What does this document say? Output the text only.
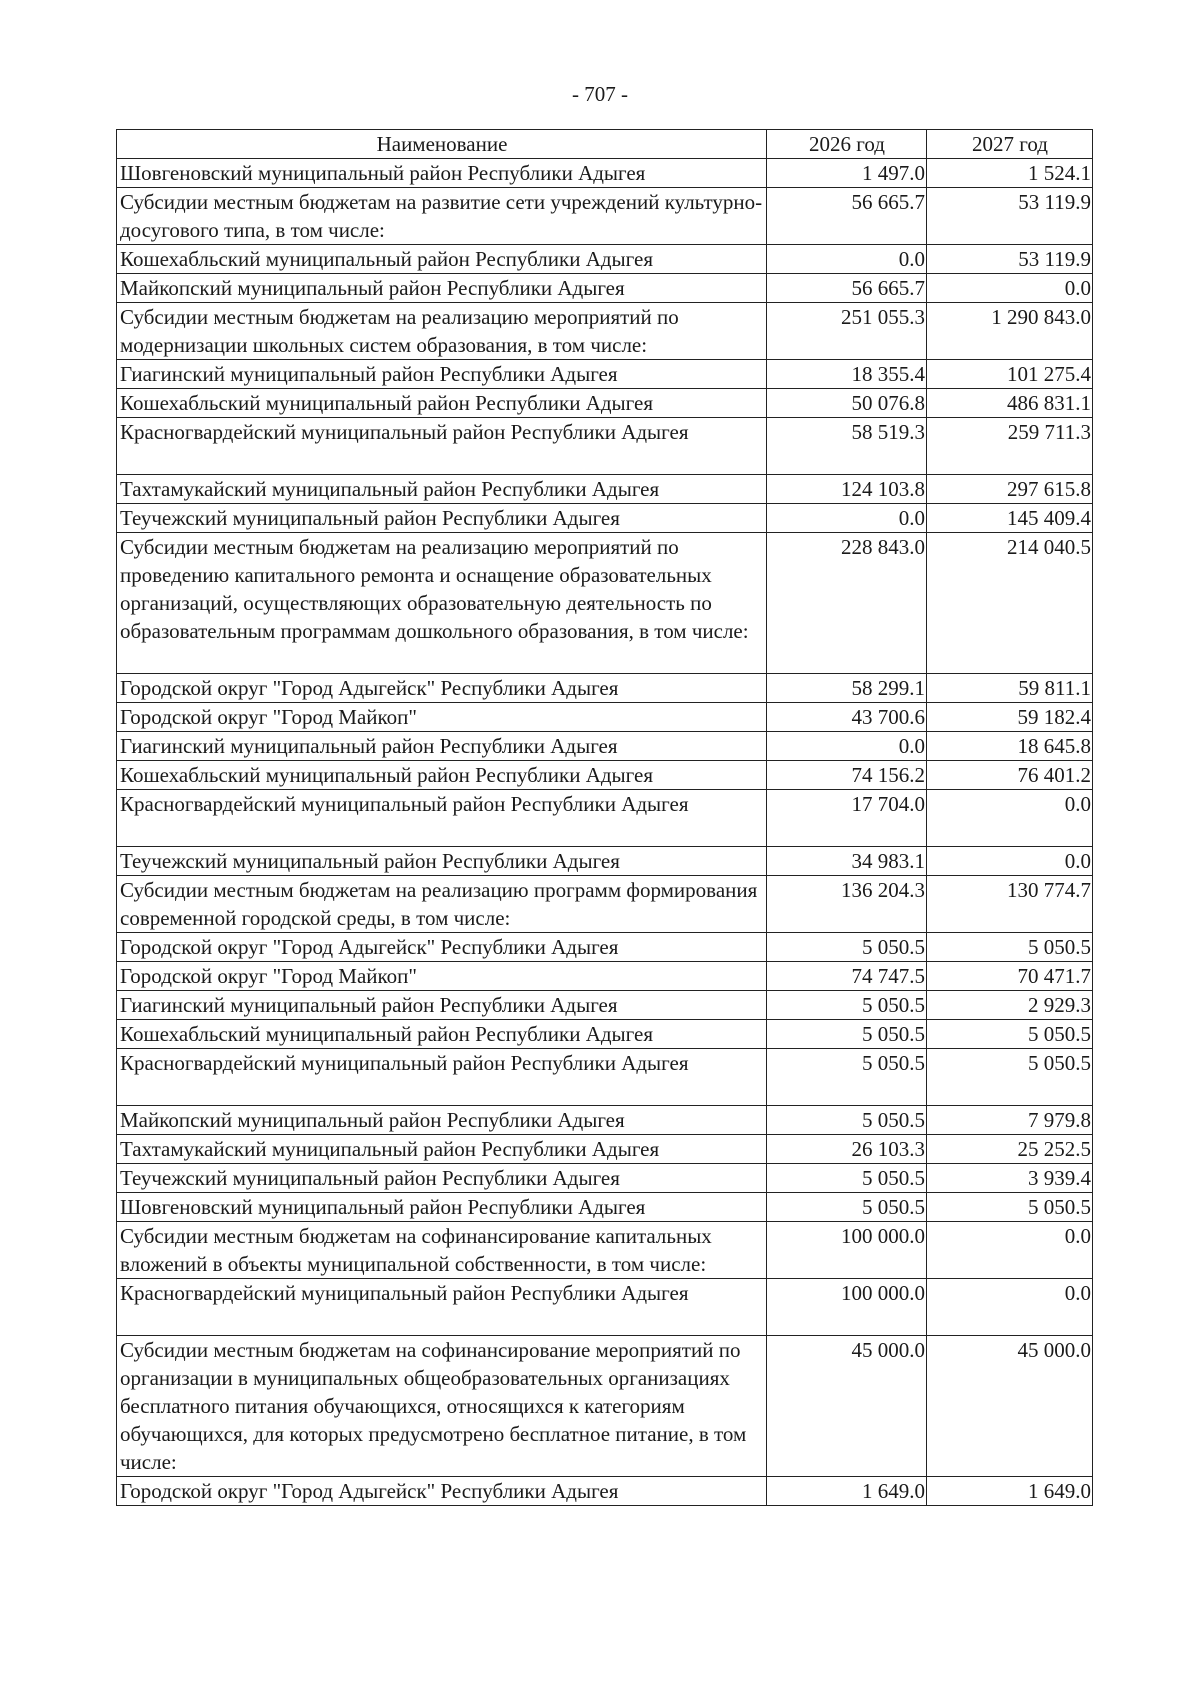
- 707 -
Наименование	2026 год	2027 год
Шовгеновский муниципальный район Республики Адыгея	1 497.0	1 524.1
Субсидии местным бюджетам на развитие сети учреждений культурно-досугового типа, в том числе:	56 665.7	53 119.9
Кошехабльский муниципальный район Республики Адыгея	0.0	53 119.9
Майкопский муниципальный район Республики Адыгея	56 665.7	0.0
Субсидии местным бюджетам на реализацию мероприятий по модернизации школьных систем образования, в том числе:	251 055.3	1 290 843.0
Гиагинский муниципальный район Республики Адыгея	18 355.4	101 275.4
Кошехабльский муниципальный район Республики Адыгея	50 076.8	486 831.1
Красногвардейский муниципальный район Республики Адыгея	58 519.3	259 711.3
Тахтамукайский муниципальный район Республики Адыгея	124 103.8	297 615.8
Теучежский муниципальный район Республики Адыгея	0.0	145 409.4
Субсидии местным бюджетам на реализацию мероприятий по проведению капитального ремонта и оснащение образовательных организаций, осуществляющих образовательную деятельность по образовательным программам дошкольного образования, в том числе:	228 843.0	214 040.5
Городской округ "Город Адыгейск" Республики Адыгея	58 299.1	59 811.1
Городской округ "Город Майкоп"	43 700.6	59 182.4
Гиагинский муниципальный район Республики Адыгея	0.0	18 645.8
Кошехабльский муниципальный район Республики Адыгея	74 156.2	76 401.2
Красногвардейский муниципальный район Республики Адыгея	17 704.0	0.0
Теучежский муниципальный район Республики Адыгея	34 983.1	0.0
Субсидии местным бюджетам на реализацию программ формирования современной городской среды, в том числе:	136 204.3	130 774.7
Городской округ "Город Адыгейск" Республики Адыгея	5 050.5	5 050.5
Городской округ "Город Майкоп"	74 747.5	70 471.7
Гиагинский муниципальный район Республики Адыгея	5 050.5	2 929.3
Кошехабльский муниципальный район Республики Адыгея	5 050.5	5 050.5
Красногвардейский муниципальный район Республики Адыгея	5 050.5	5 050.5
Майкопский муниципальный район Республики Адыгея	5 050.5	7 979.8
Тахтамукайский муниципальный район Республики Адыгея	26 103.3	25 252.5
Теучежский муниципальный район Республики Адыгея	5 050.5	3 939.4
Шовгеновский муниципальный район Республики Адыгея	5 050.5	5 050.5
Субсидии местным бюджетам на софинансирование капитальных вложений в объекты муниципальной собственности, в том числе:	100 000.0	0.0
Красногвардейский муниципальный район Республики Адыгея	100 000.0	0.0
Субсидии местным бюджетам на софинансирование мероприятий по организации в муниципальных общеобразовательных организациях бесплатного питания обучающихся, относящихся к категориям обучающихся, для которых предусмотрено бесплатное питание, в том числе:	45 000.0	45 000.0
Городской округ "Город Адыгейск" Республики Адыгея	1 649.0	1 649.0
